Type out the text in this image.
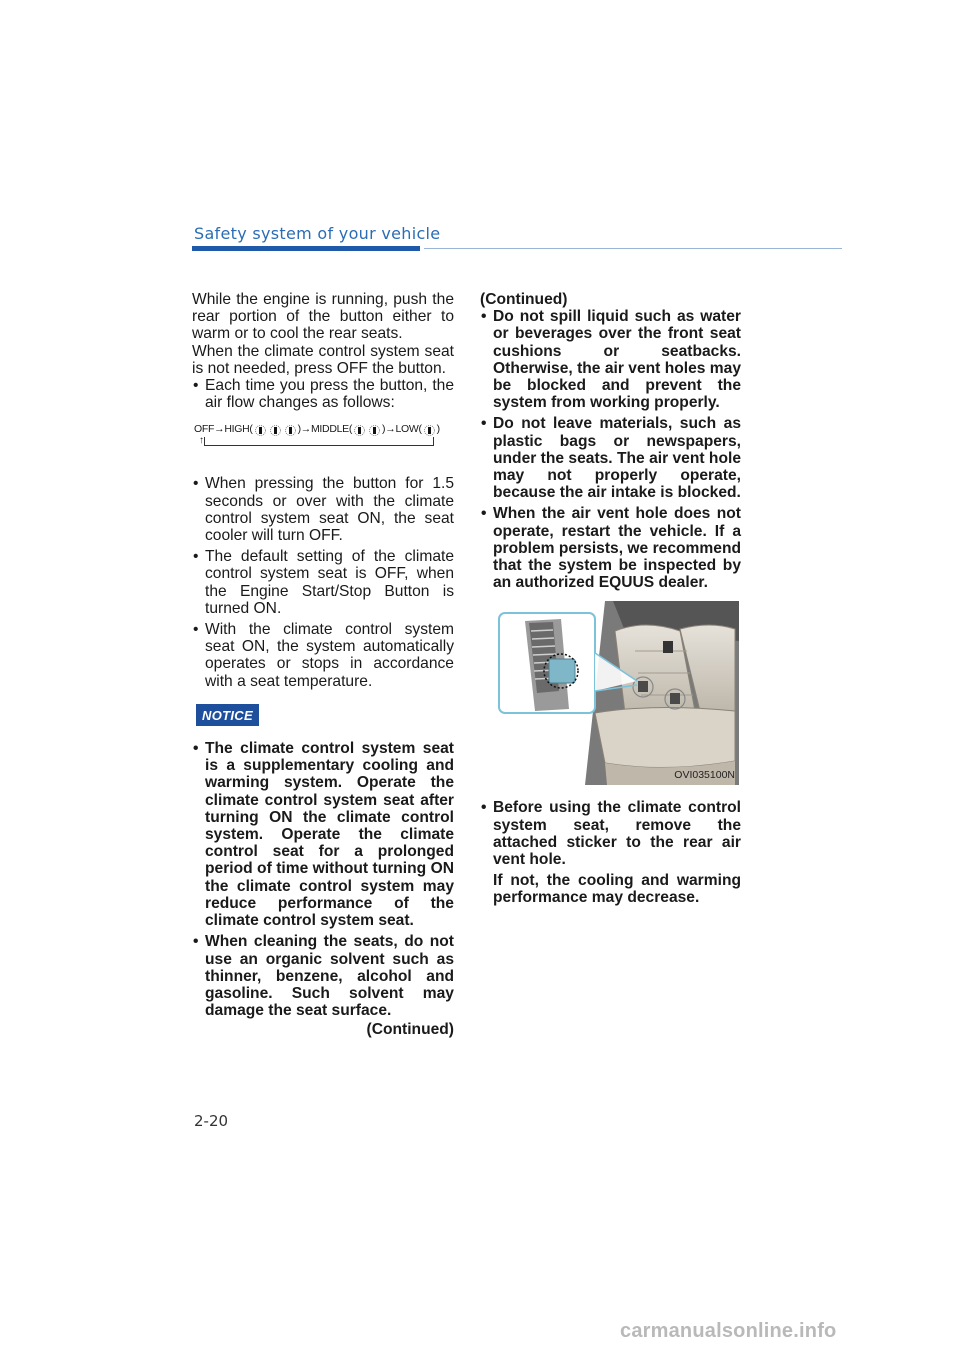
Safety system of your vehicle

While the engine is running, push the rear portion of the button either to warm or to cool the rear seats.

When the climate control system seat is not needed, press OFF the button.

• Each time you press the button, the air flow changes as follows:
OFF → HIGH(	) → MIDDLE(	) → LOW( )
↑
• When pressing the button for 1.5 seconds or over with the climate control system seat ON, the seat cooler will turn OFF.
• The default setting of the climate control system seat is OFF, when the Engine Start/Stop Button is turned ON.
• With the climate control system seat ON, the system automatically operates or stops in accordance with a seat temperature.
NOTICE
• The climate control system seat is a supplementary cooling and warming system. Operate the climate control system seat after turning ON the climate control system. Operate the climate control seat for a prolonged period of time without turning ON the climate control system may reduce performance of the climate control system seat.
• When cleaning the seats, do not use an organic solvent such as thinner, benzene, alcohol and gasoline. Such solvent may damage the seat surface.

(Continued)

(Continued)

• Do not spill liquid such as water or beverages over the front seat cushions or seatbacks. Otherwise, the air vent holes may be blocked and prevent the system from working properly.
• Do not leave materials, such as plastic bags or newspapers, under the seats. The air vent hole may not properly operate, because the air intake is blocked.
• When the air vent hole does not operate, restart the vehicle. If a problem persists, we recommend that the system be inspected by an authorized EQUUS dealer.
OVI035100N
• Before using the climate control system seat, remove the attached sticker to the rear air vent hole.

If not, the cooling and warming performance may decrease.

2-20
carmanualsonline.info
